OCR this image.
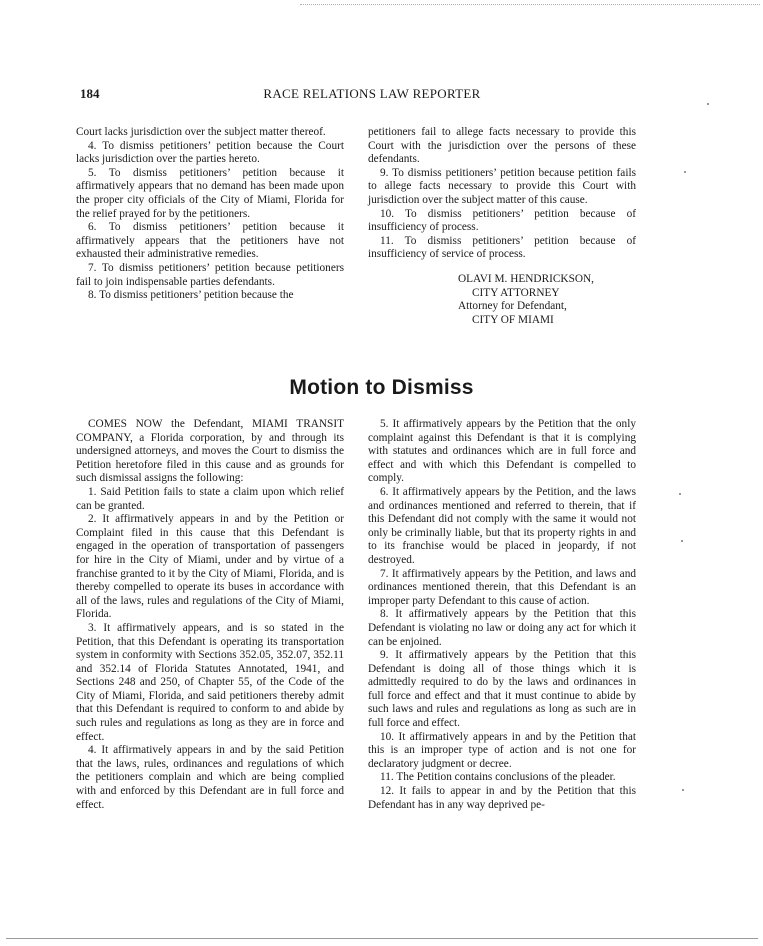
184	RACE RELATIONS LAW REPORTER

Court lacks jurisdiction over the subject matter thereof.

4. To dismiss petitioners’ petition because the Court lacks jurisdiction over the parties hereto.

5. To dismiss petitioners’ petition because it affirmatively appears that no demand has been made upon the proper city officials of the City of Miami, Florida for the relief prayed for by the petitioners.

6. To dismiss petitioners’ petition because it affirmatively appears that the petitioners have not exhausted their administrative remedies.

7. To dismiss petitioners’ petition because petitioners fail to join indispensable parties defendants.

8. To dismiss petitioners’ petition because the

petitioners fail to allege facts necessary to provide this Court with the jurisdiction over the persons of these defendants.

9. To dismiss petitioners’ petition because petition fails to allege facts necessary to provide this Court with jurisdiction over the subject matter of this cause.

10. To dismiss petitioners’ petition because of insufficiency of process.

11. To dismiss petitioners’ petition because of insufficiency of service of process.

OLAVI M. HENDRICKSON,
CITY ATTORNEY
Attorney for Defendant,
CITY OF MIAMI
Motion to Dismiss

COMES NOW the Defendant, MIAMI TRANSIT COMPANY, a Florida corporation, by and through its undersigned attorneys, and moves the Court to dismiss the Petition heretofore filed in this cause and as grounds for such dismissal assigns the following:

1. Said Petition fails to state a claim upon which relief can be granted.

2. It affirmatively appears in and by the Petition or Complaint filed in this cause that this Defendant is engaged in the operation of transportation of passengers for hire in the City of Miami, under and by virtue of a franchise granted to it by the City of Miami, Florida, and is thereby compelled to operate its buses in accordance with all of the laws, rules and regulations of the City of Miami, Florida.

3. It affirmatively appears, and is so stated in the Petition, that this Defendant is operating its transportation system in conformity with Sections 352.05, 352.07, 352.11 and 352.14 of Florida Statutes Annotated, 1941, and Sections 248 and 250, of Chapter 55, of the Code of the City of Miami, Florida, and said petitioners thereby admit that this Defendant is required to conform to and abide by such rules and regulations as long as they are in force and effect.

4. It affirmatively appears in and by the said Petition that the laws, rules, ordinances and regulations of which the petitioners complain and which are being complied with and enforced by this Defendant are in full force and effect.

5. It affirmatively appears by the Petition that the only complaint against this Defendant is that it is complying with statutes and ordinances which are in full force and effect and with which this Defendant is compelled to comply.

6. It affirmatively appears by the Petition, and the laws and ordinances mentioned and referred to therein, that if this Defendant did not comply with the same it would not only be criminally liable, but that its property rights in and to its franchise would be placed in jeopardy, if not destroyed.

7. It affirmatively appears by the Petition, and laws and ordinances mentioned therein, that this Defendant is an improper party Defendant to this cause of action.

8. It affirmatively appears by the Petition that this Defendant is violating no law or doing any act for which it can be enjoined.

9. It affirmatively appears by the Petition that this Defendant is doing all of those things which it is admittedly required to do by the laws and ordinances in full force and effect and that it must continue to abide by such laws and rules and regulations as long as such are in full force and effect.

10. It affirmatively appears in and by the Petition that this is an improper type of action and is not one for declaratory judgment or decree.

11. The Petition contains conclusions of the pleader.

12. It fails to appear in and by the Petition that this Defendant has in any way deprived pe-
